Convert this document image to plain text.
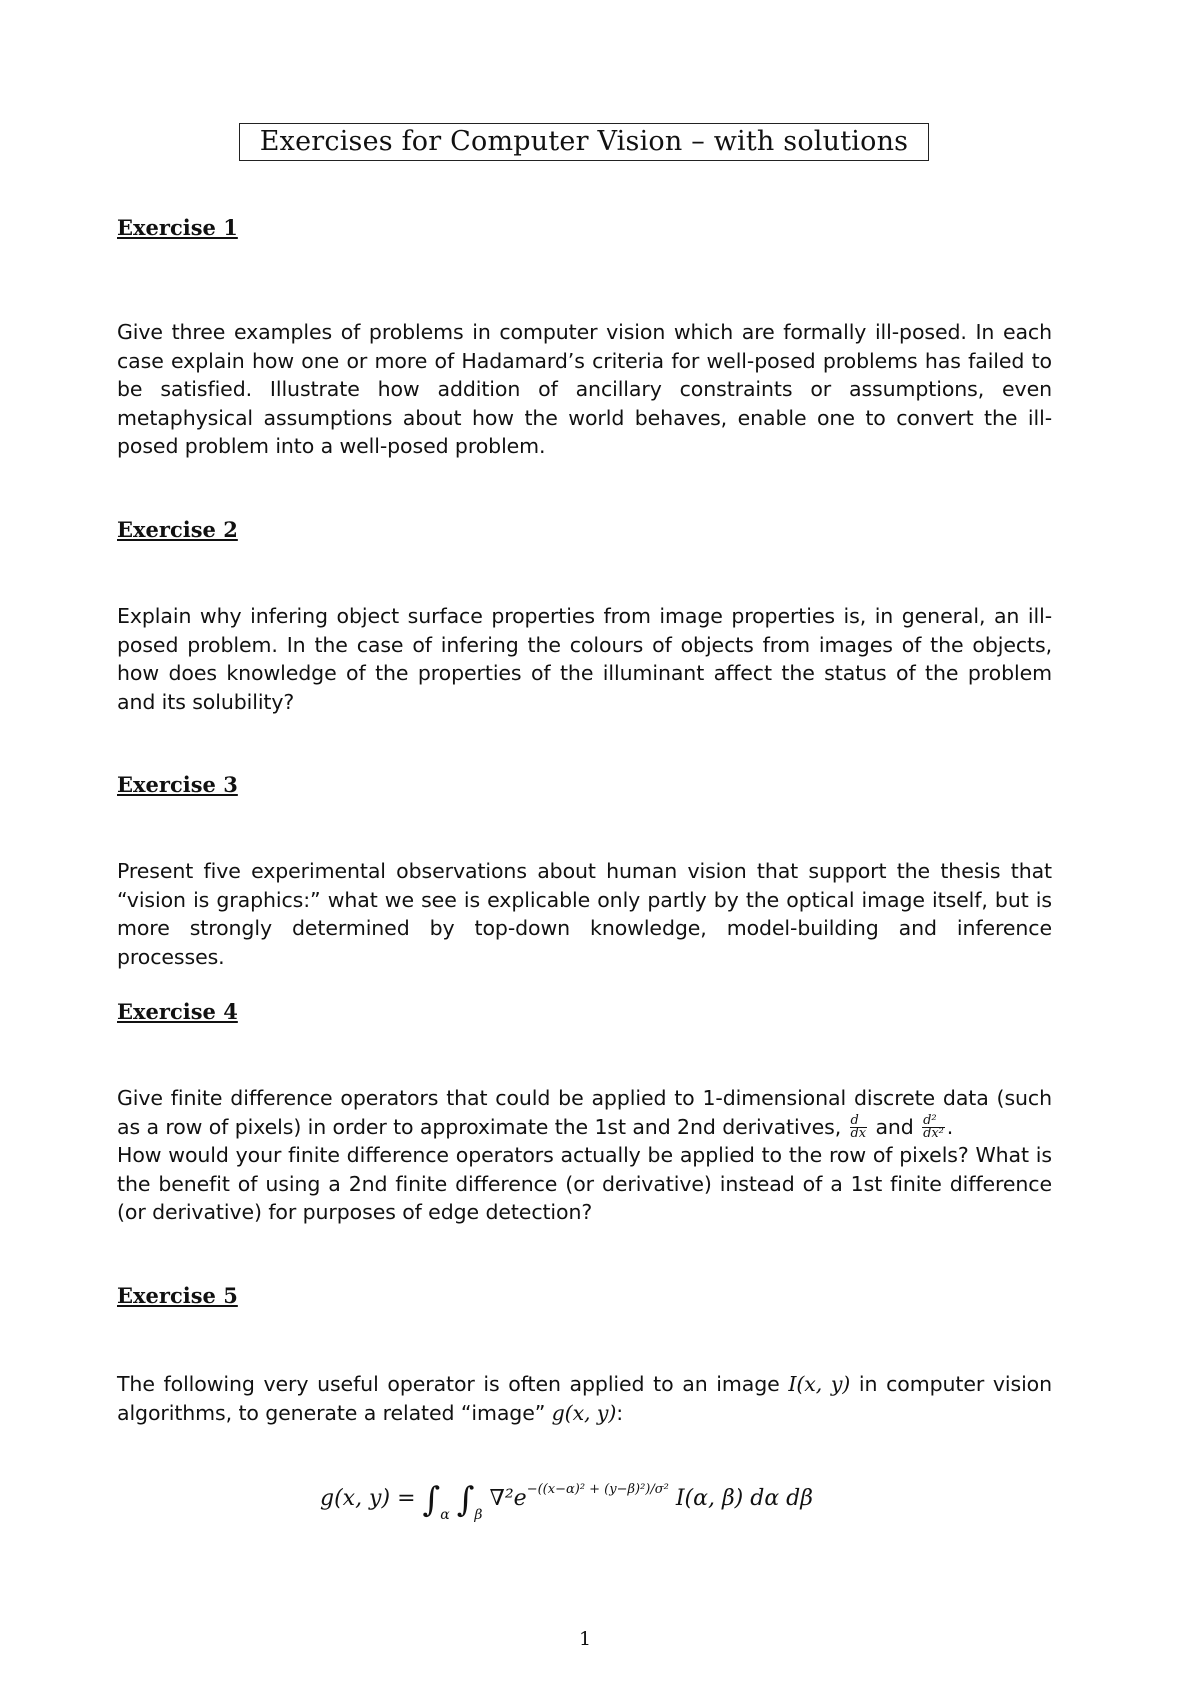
Exercises for Computer Vision – with solutions
Exercise 1
Give three examples of problems in computer vision which are formally ill-posed. In each case explain how one or more of Hadamard’s criteria for well-posed problems has failed to be satisfied. Illustrate how addition of ancillary constraints or assumptions, even metaphysical assumptions about how the world behaves, enable one to convert the ill-posed problem into a well-posed problem.
Exercise 2
Explain why infering object surface properties from image properties is, in general, an ill-posed problem. In the case of infering the colours of objects from images of the objects, how does knowledge of the properties of the illuminant affect the status of the problem and its solubility?
Exercise 3
Present five experimental observations about human vision that support the thesis that “vision is graphics:” what we see is explicable only partly by the optical image itself, but is more strongly determined by top-down knowledge, model-building and inference processes.
Exercise 4
Give finite difference operators that could be applied to 1-dimensional discrete data (such as a row of pixels) in order to approximate the 1st and 2nd derivatives, $\frac{d}{dx}$ and $\frac{\text{d²}}{\text{dx²}}$ .
How would your finite difference operators actually be applied to the row of pixels? What is the benefit of using a 2nd finite difference (or derivative) instead of a 1st finite difference (or derivative) for purposes of edge detection?
Exercise 5
The following very useful operator is often applied to an image I(x, y) in computer vision algorithms, to generate a related “image” g(x, y):
g(x, $y) = \int_\alpha$ $\int_\beta$ $\nabla^2e^{-((x-\alpha)^2 + (y-\beta)^2)/\sigma^2}$ I(α, β) dα dβ
1
